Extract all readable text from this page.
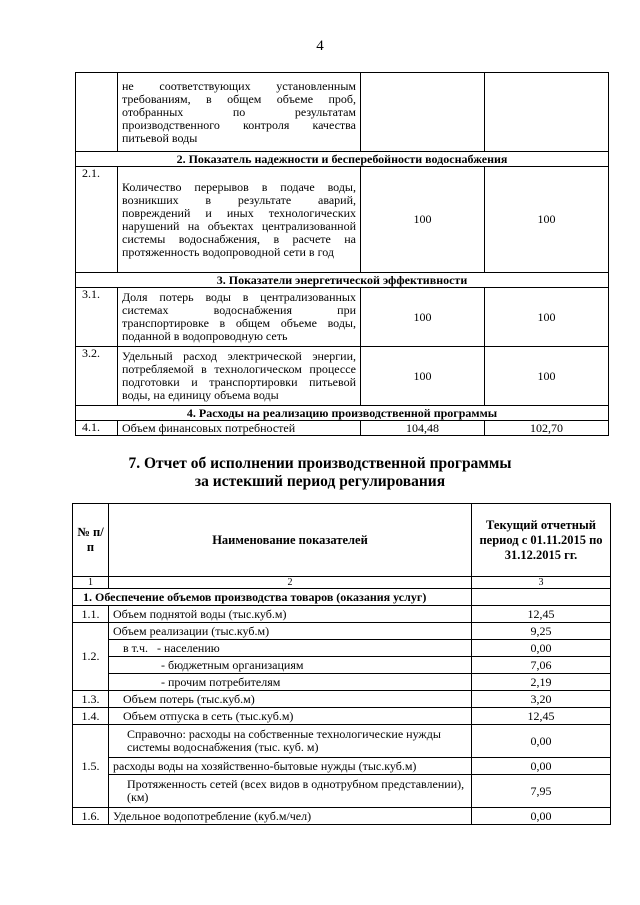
4
	не соответствующих установленным требованиям, в общем объеме проб, отобранных по результатам производственного контроля качества питьевой воды		
2. Показатель надежности и бесперебойности водоснабжения			
2.1.	Количество перерывов в подаче воды, возникших в результате аварий, повреждений и иных технологических нарушений на объектах централизованной системы водоснабжения, в расчете на протяженность водопроводной сети в год	100	100
3. Показатели энергетической эффективности			
3.1.	Доля потерь воды в централизованных системах водоснабжения при транспортировке в общем объеме воды, поданной в водопроводную сеть	100	100
3.2.	Удельный расход электрической энергии, потребляемой в технологическом процессе подготовки и транспортировки питьевой воды, на единицу объема воды	100	100
4. Расходы на реализацию производственной программы			
4.1.	Объем финансовых потребностей	104,48	102,70
7. Отчет об исполнении производственной программы
за истекший период регулирования
№ п/п	Наименование показателей	Текущий отчетный период с 01.11.2015 по 31.12.2015 гг.
1	2	3
1. Обеспечение объемов производства товаров (оказания услуг)		
1.1.	Объем поднятой воды (тыс.куб.м)	12,45
1.2.	Объем реализации (тыс.куб.м)	9,25
	в т.ч.   - населению	0,00
	- бюджетным организациям	7,06
	- прочим потребителям	2,19
1.3.	Объем потерь (тыс.куб.м)	3,20
1.4.	Объем отпуска в сеть (тыс.куб.м)	12,45
1.5.	Справочно: расходы на собственные технологические нужды системы водоснабжения (тыс. куб. м)	0,00
	расходы воды на хозяйственно-бытовые нужды (тыс.куб.м)	0,00
	Протяженность сетей (всех видов в однотрубном представлении), (км)	7,95
1.6.	Удельное водопотребление (куб.м/чел)	0,00
